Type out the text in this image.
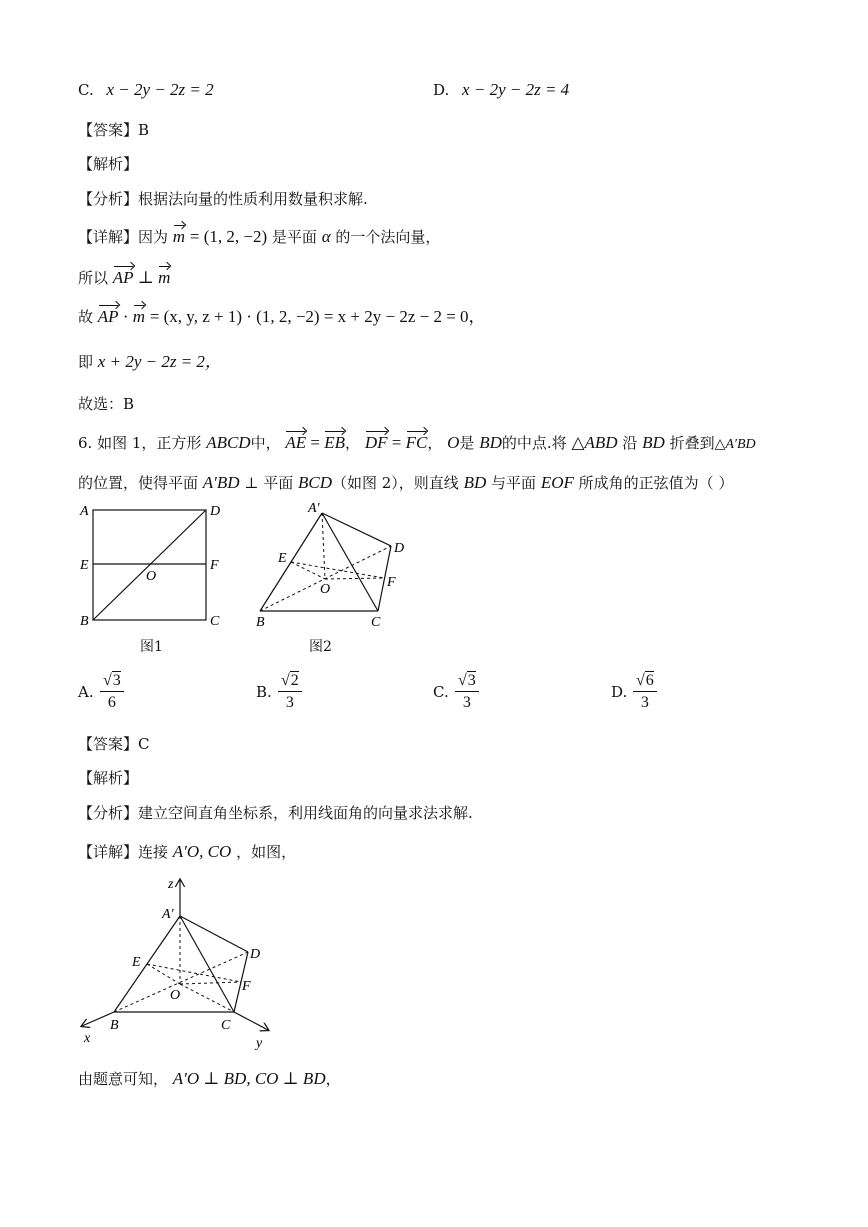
C. x − 2y − 2z = 2	D. x − 2y − 2z = 4
【答案】B
【解析】
【分析】根据法向量的性质利用数量积求解.
【详解】因为 m = (1, 2, −2) 是平面 α 的一个法向量，
所以 AP ⊥ m
故 AP · m = (x, y, z + 1) · (1, 2, −2) = x + 2y − 2z − 2 = 0，
即 x + 2y − 2z = 2，
故选：B
6. 如图 1，正方形 ABCD中， AE = EB， DF = FC， O是 BD的中点.将 △ABD 沿 BD 折叠到△A′BD
的位置，使得平面 A′BD ⊥ 平面 BCD（如图 2），则直线 BD 与平面 EOF 所成角的正弦值为（ ）
A	D
E	F
O
B	C
图1
A′
D
E
F
O
B	C
图2
A. $\frac{√3}{6}$	B. $\frac{√2}{3}$	C. $\frac{√3}{3}$	D. $\frac{√6}{3}$
【答案】C
【解析】
【分析】建立空间直角坐标系，利用线面角的向量求法求解.
【详解】连接 A′O, CO ，如图，
z
A′
D
E
F
O
B	C
x	y
由题意可知， A′O ⊥ BD, CO ⊥ BD，
